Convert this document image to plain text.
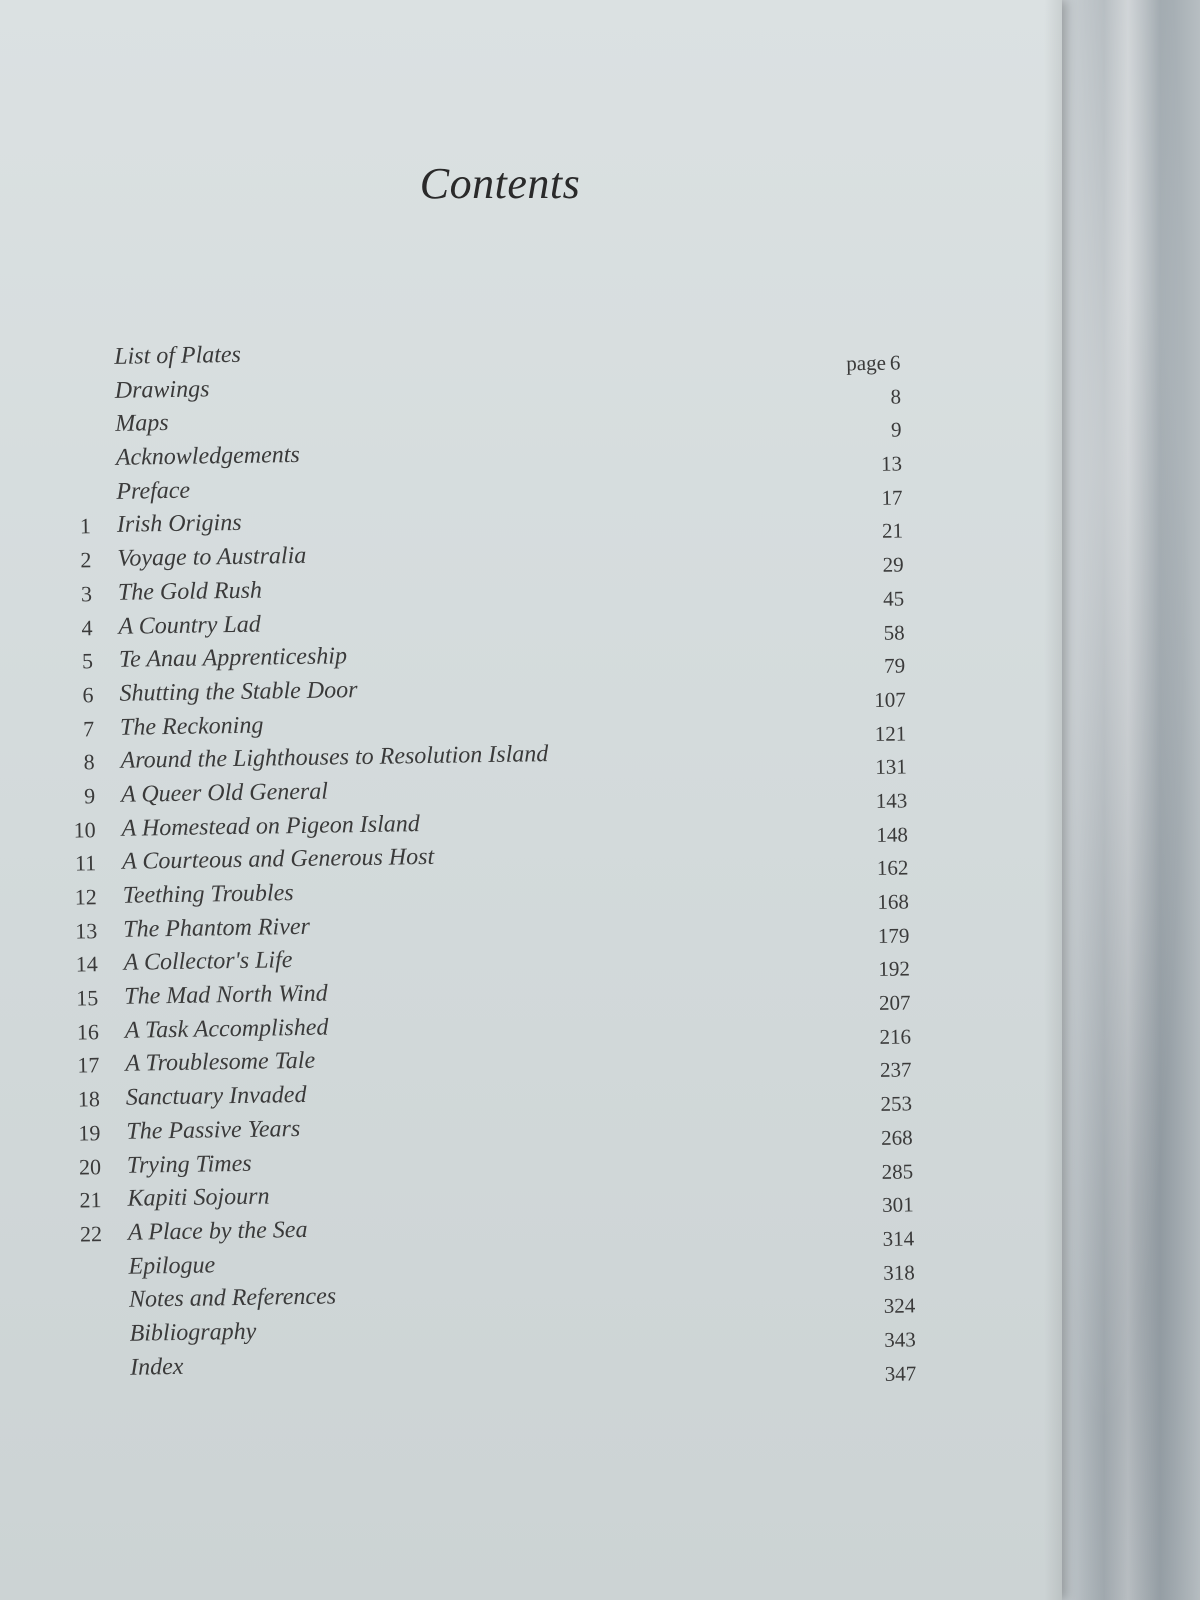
Contents
List of Plates	page 6
Drawings	8
Maps	9
Acknowledgements	13
Preface	17
1 Irish Origins	21
2 Voyage to Australia	29
3 The Gold Rush	45
4 A Country Lad	58
5 Te Anau Apprenticeship	79
6 Shutting the Stable Door	107
7 The Reckoning	121
8 Around the Lighthouses to Resolution Island	131
9 A Queer Old General	143
10 A Homestead on Pigeon Island	148
11 A Courteous and Generous Host	162
12 Teething Troubles	168
13 The Phantom River	179
14 A Collector's Life	192
15 The Mad North Wind	207
16 A Task Accomplished	216
17 A Troublesome Tale	237
18 Sanctuary Invaded	253
19 The Passive Years	268
20 Trying Times	285
21 Kapiti Sojourn	301
22 A Place by the Sea	314
Epilogue	318
Notes and References	324
Bibliography	343
Index	347
